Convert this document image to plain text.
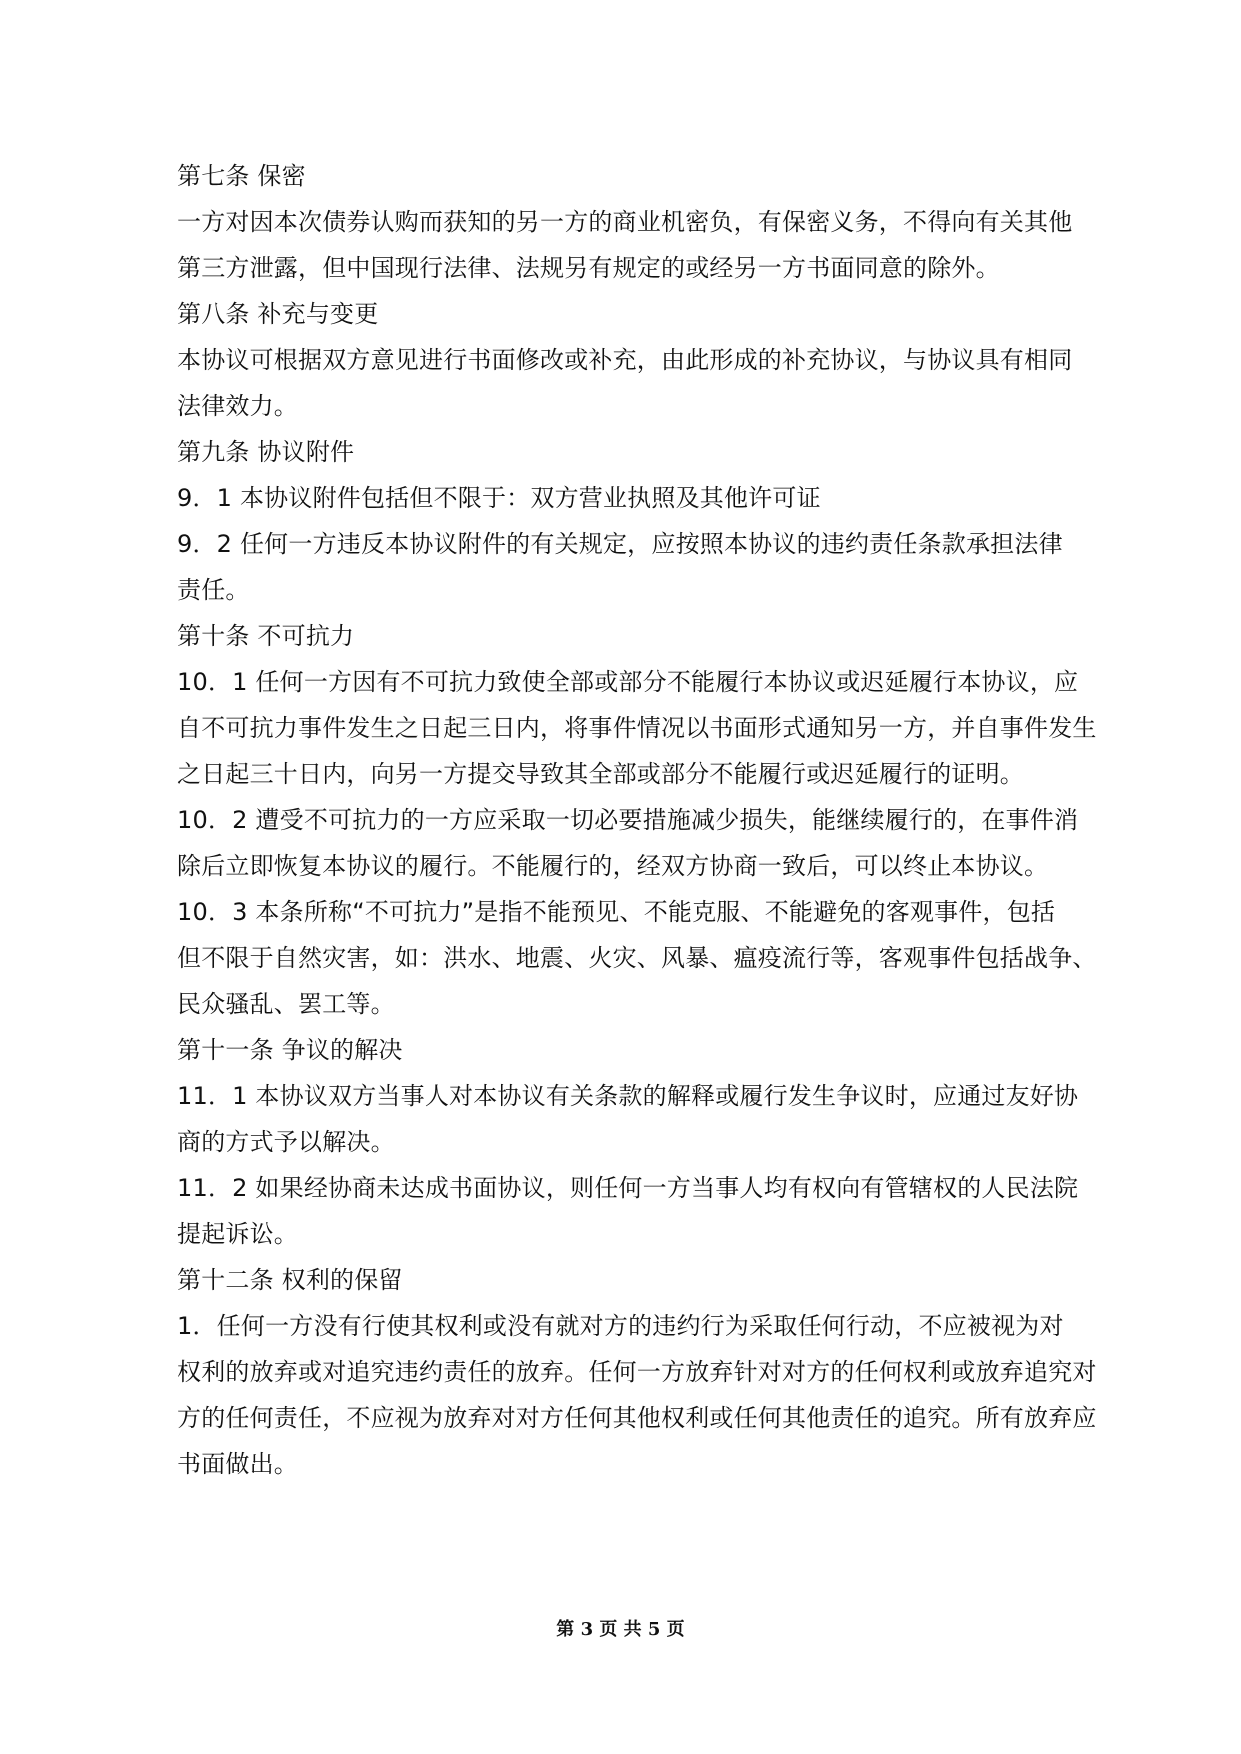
第七条 保密
一方对因本次债券认购而获知的另一方的商业机密负，有保密义务，不得向有关其他
第三方泄露，但中国现行法律、法规另有规定的或经另一方书面同意的除外。
第八条 补充与变更
本协议可根据双方意见进行书面修改或补充，由此形成的补充协议，与协议具有相同
法律效力。
第九条 协议附件
9．1 本协议附件包括但不限于：双方营业执照及其他许可证
9．2 任何一方违反本协议附件的有关规定，应按照本协议的违约责任条款承担法律
责任。
第十条 不可抗力
10．1 任何一方因有不可抗力致使全部或部分不能履行本协议或迟延履行本协议，应
自不可抗力事件发生之日起三日内，将事件情况以书面形式通知另一方，并自事件发生
之日起三十日内，向另一方提交导致其全部或部分不能履行或迟延履行的证明。
10．2 遭受不可抗力的一方应采取一切必要措施减少损失，能继续履行的，在事件消
除后立即恢复本协议的履行。不能履行的，经双方协商一致后，可以终止本协议。
10．3 本条所称“不可抗力”是指不能预见、不能克服、不能避免的客观事件，包括
但不限于自然灾害，如：洪水、地震、火灾、风暴、瘟疫流行等，客观事件包括战争、
民众骚乱、罢工等。
第十一条 争议的解决
11．1 本协议双方当事人对本协议有关条款的解释或履行发生争议时，应通过友好协
商的方式予以解决。
11．2 如果经协商未达成书面协议，则任何一方当事人均有权向有管辖权的人民法院
提起诉讼。
第十二条 权利的保留
1．任何一方没有行使其权利或没有就对方的违约行为采取任何行动，不应被视为对
权利的放弃或对追究违约责任的放弃。任何一方放弃针对对方的任何权利或放弃追究对
方的任何责任，不应视为放弃对对方任何其他权利或任何其他责任的追究。所有放弃应
书面做出。
第 3 页 共 5 页
